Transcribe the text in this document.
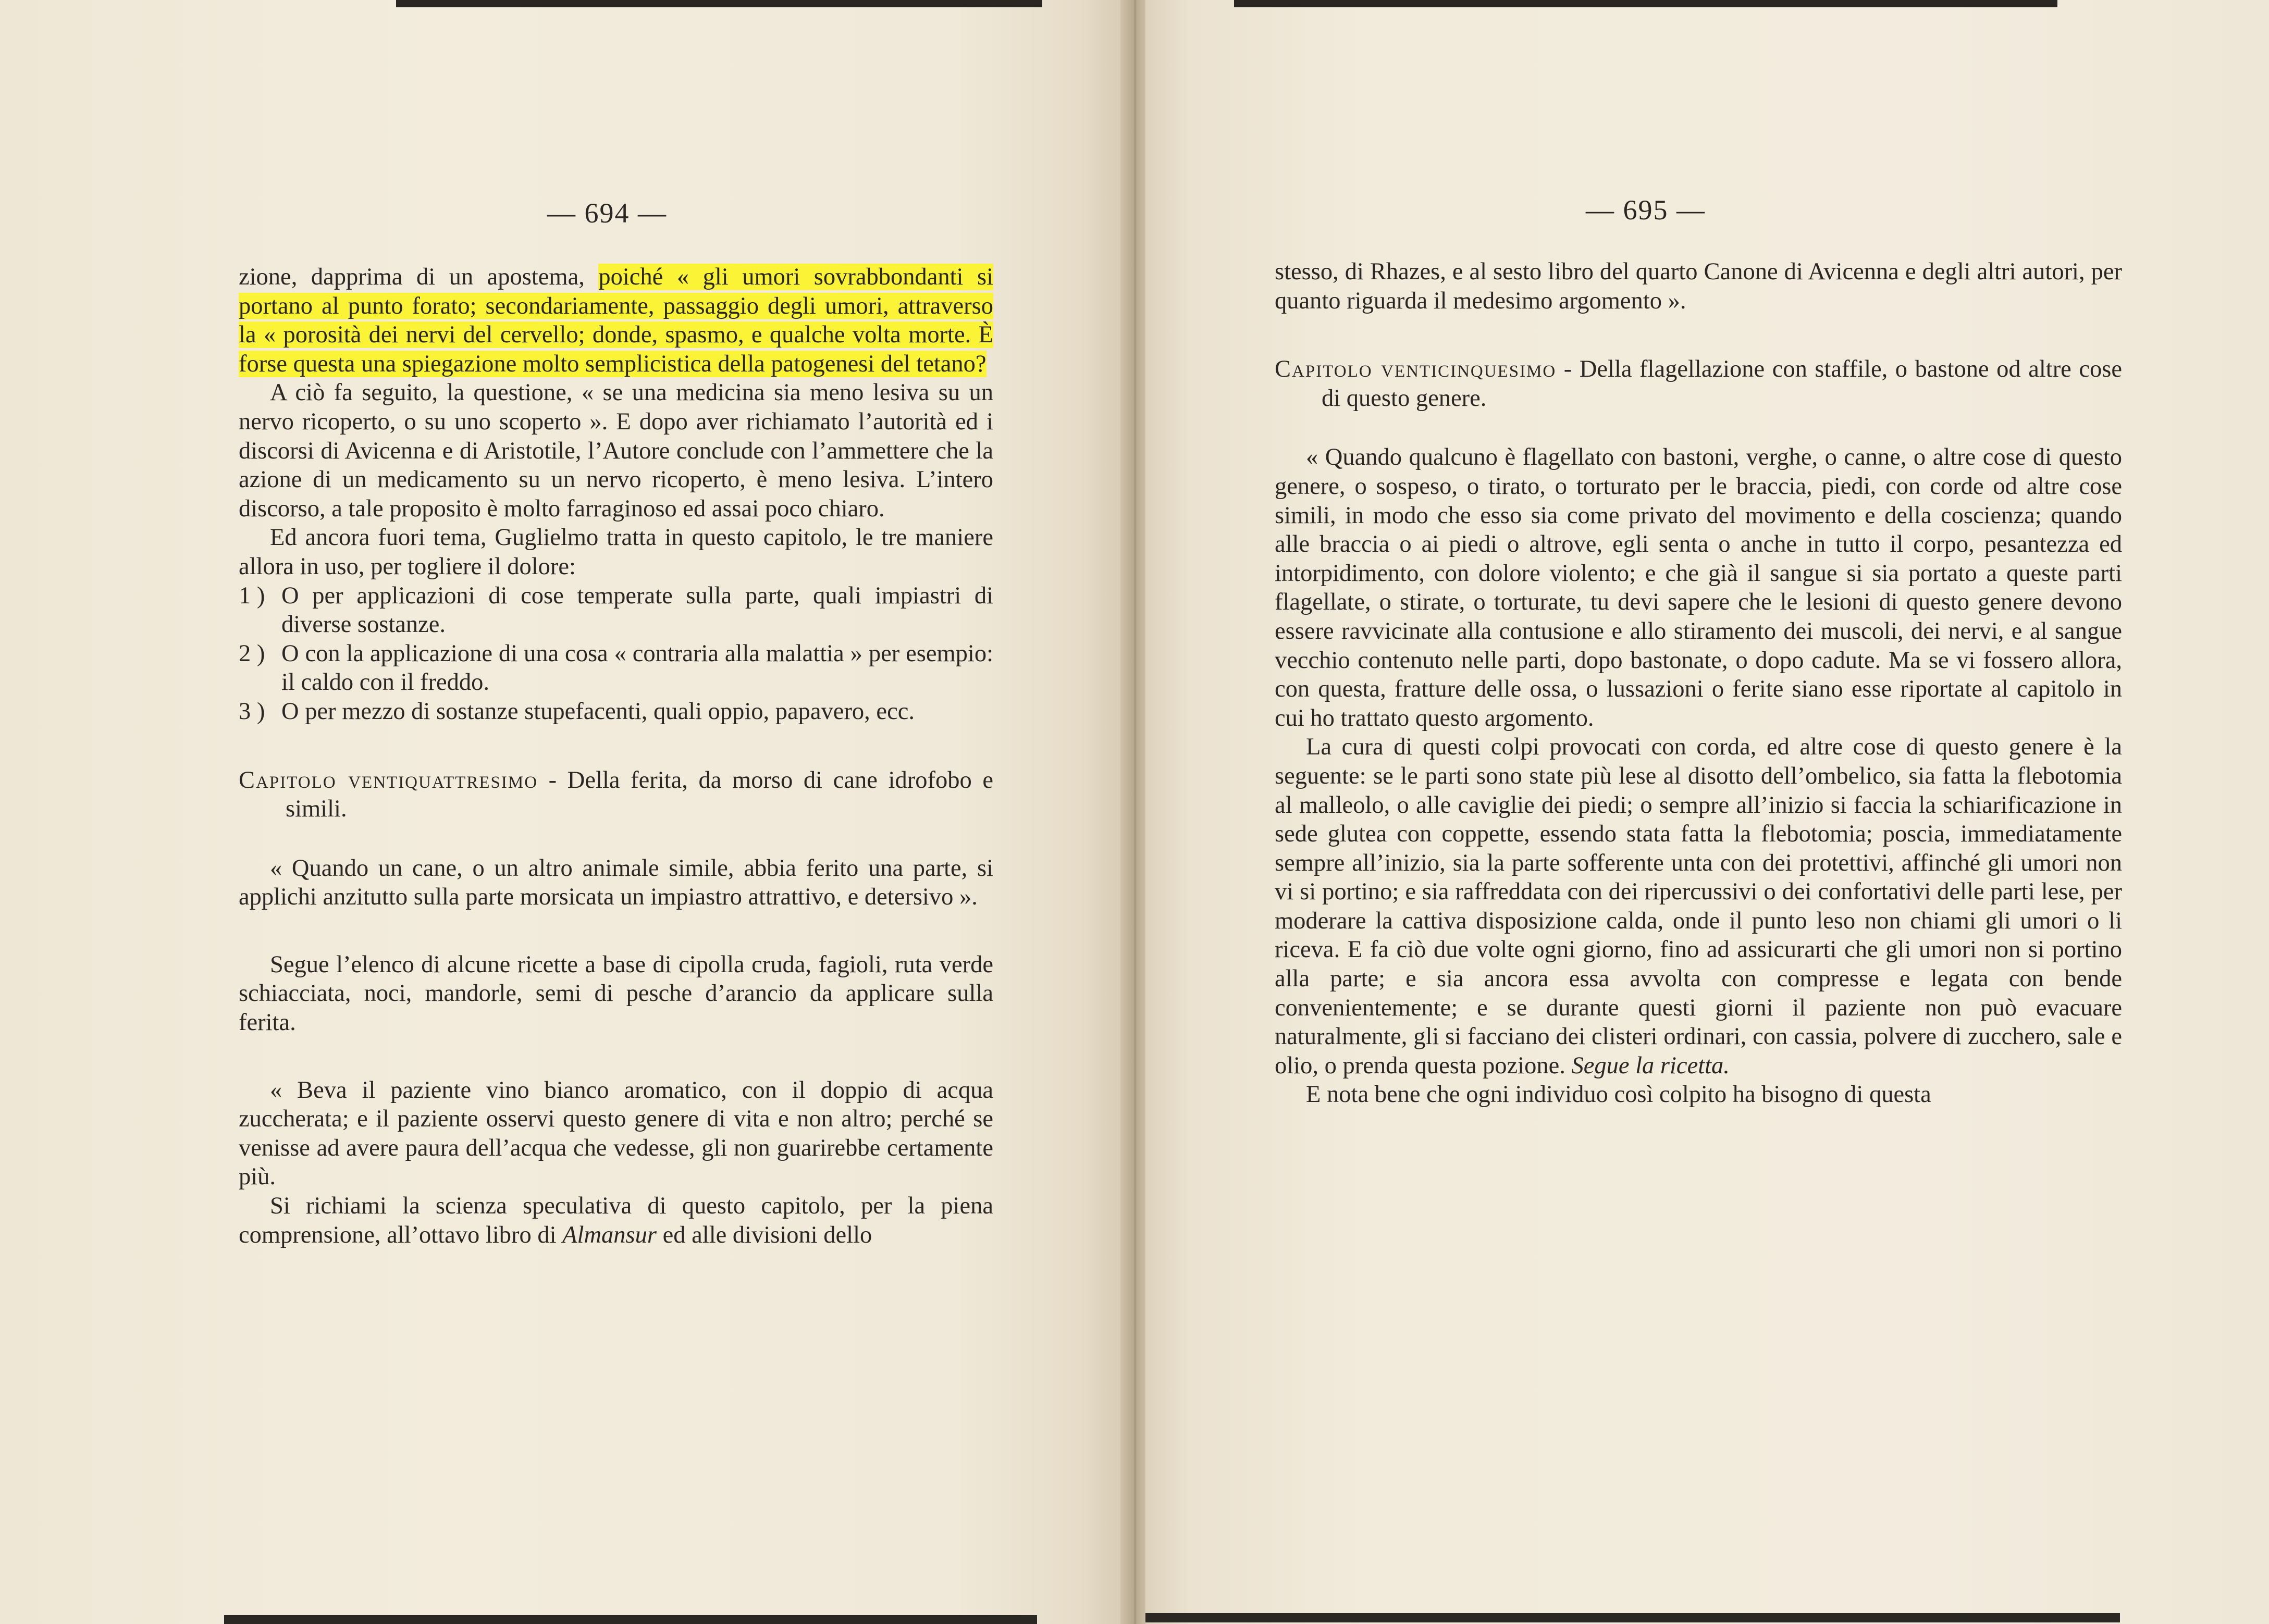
— 694 —

zione, dapprima di un apostema, poiché « gli umori sovrabbondanti si portano al punto forato; secondariamente, passaggio degli umori, attraverso la « porosità dei nervi del cervello; donde, spasmo, e qualche volta morte. È forse questa una spiegazione molto semplicistica della patogenesi del tetano?

A ciò fa seguito, la questione, « se una medicina sia meno lesiva su un nervo ricoperto, o su uno scoperto ». E dopo aver richiamato l’autorità ed i discorsi di Avicenna e di Aristotile, l’Autore conclude con l’ammettere che la azione di un medicamento su un nervo ricoperto, è meno lesiva. L’intero discorso, a tale proposito è molto farraginoso ed assai poco chiaro.

Ed ancora fuori tema, Guglielmo tratta in questo capitolo, le tre maniere allora in uso, per togliere il dolore:

1 ) O per applicazioni di cose temperate sulla parte, quali impiastri di diverse sostanze.
2 ) O con la applicazione di una cosa « contraria alla malattia » per esempio: il caldo con il freddo.
3 ) O per mezzo di sostanze stupefacenti, quali oppio, papavero, ecc.

Capitolo ventiquattresimo - Della ferita, da morso di cane idrofobo e simili.

« Quando un cane, o un altro animale simile, abbia ferito una parte, si applichi anzitutto sulla parte morsicata un impiastro attrattivo, e detersivo ».

Segue l’elenco di alcune ricette a base di cipolla cruda, fagioli, ruta verde schiacciata, noci, mandorle, semi di pesche d’arancio da applicare sulla ferita.

« Beva il paziente vino bianco aromatico, con il doppio di acqua zuccherata; e il paziente osservi questo genere di vita e non altro; perché se venisse ad avere paura dell’acqua che vedesse, gli non guarirebbe certamente più.

Si richiami la scienza speculativa di questo capitolo, per la piena comprensione, all’ottavo libro di Almansur ed alle divisioni dello

— 695 —

stesso, di Rhazes, e al sesto libro del quarto Canone di Avicenna e degli altri autori, per quanto riguarda il medesimo argomento ».

Capitolo venticinquesimo - Della flagellazione con staffile, o bastone od altre cose di questo genere.

« Quando qualcuno è flagellato con bastoni, verghe, o canne, o altre cose di questo genere, o sospeso, o tirato, o torturato per le braccia, piedi, con corde od altre cose simili, in modo che esso sia come privato del movimento e della coscienza; quando alle braccia o ai piedi o altrove, egli senta o anche in tutto il corpo, pesantezza ed intorpidimento, con dolore violento; e che già il sangue si sia portato a queste parti flagellate, o stirate, o torturate, tu devi sapere che le lesioni di questo genere devono essere ravvicinate alla contusione e allo stiramento dei muscoli, dei nervi, e al sangue vecchio contenuto nelle parti, dopo bastonate, o dopo cadute. Ma se vi fossero allora, con questa, fratture delle ossa, o lussazioni o ferite siano esse riportate al capitolo in cui ho trattato questo argomento.

La cura di questi colpi provocati con corda, ed altre cose di questo genere è la seguente: se le parti sono state più lese al disotto dell’ombelico, sia fatta la flebotomia al malleolo, o alle caviglie dei piedi; o sempre all’inizio si faccia la schiarificazione in sede glutea con coppette, essendo stata fatta la flebotomia; poscia, immediatamente sempre all’inizio, sia la parte sofferente unta con dei protettivi, affinché gli umori non vi si portino; e sia raffreddata con dei ripercussivi o dei confortativi delle parti lese, per moderare la cattiva disposizione calda, onde il punto leso non chiami gli umori o li riceva. E fa ciò due volte ogni giorno, fino ad assicurarti che gli umori non si portino alla parte; e sia ancora essa avvolta con compresse e legata con bende convenientemente; e se durante questi giorni il paziente non può evacuare naturalmente, gli si facciano dei clisteri ordinari, con cassia, polvere di zucchero, sale e olio, o prenda questa pozione. Segue la ricetta.

E nota bene che ogni individuo così colpito ha bisogno di questa
